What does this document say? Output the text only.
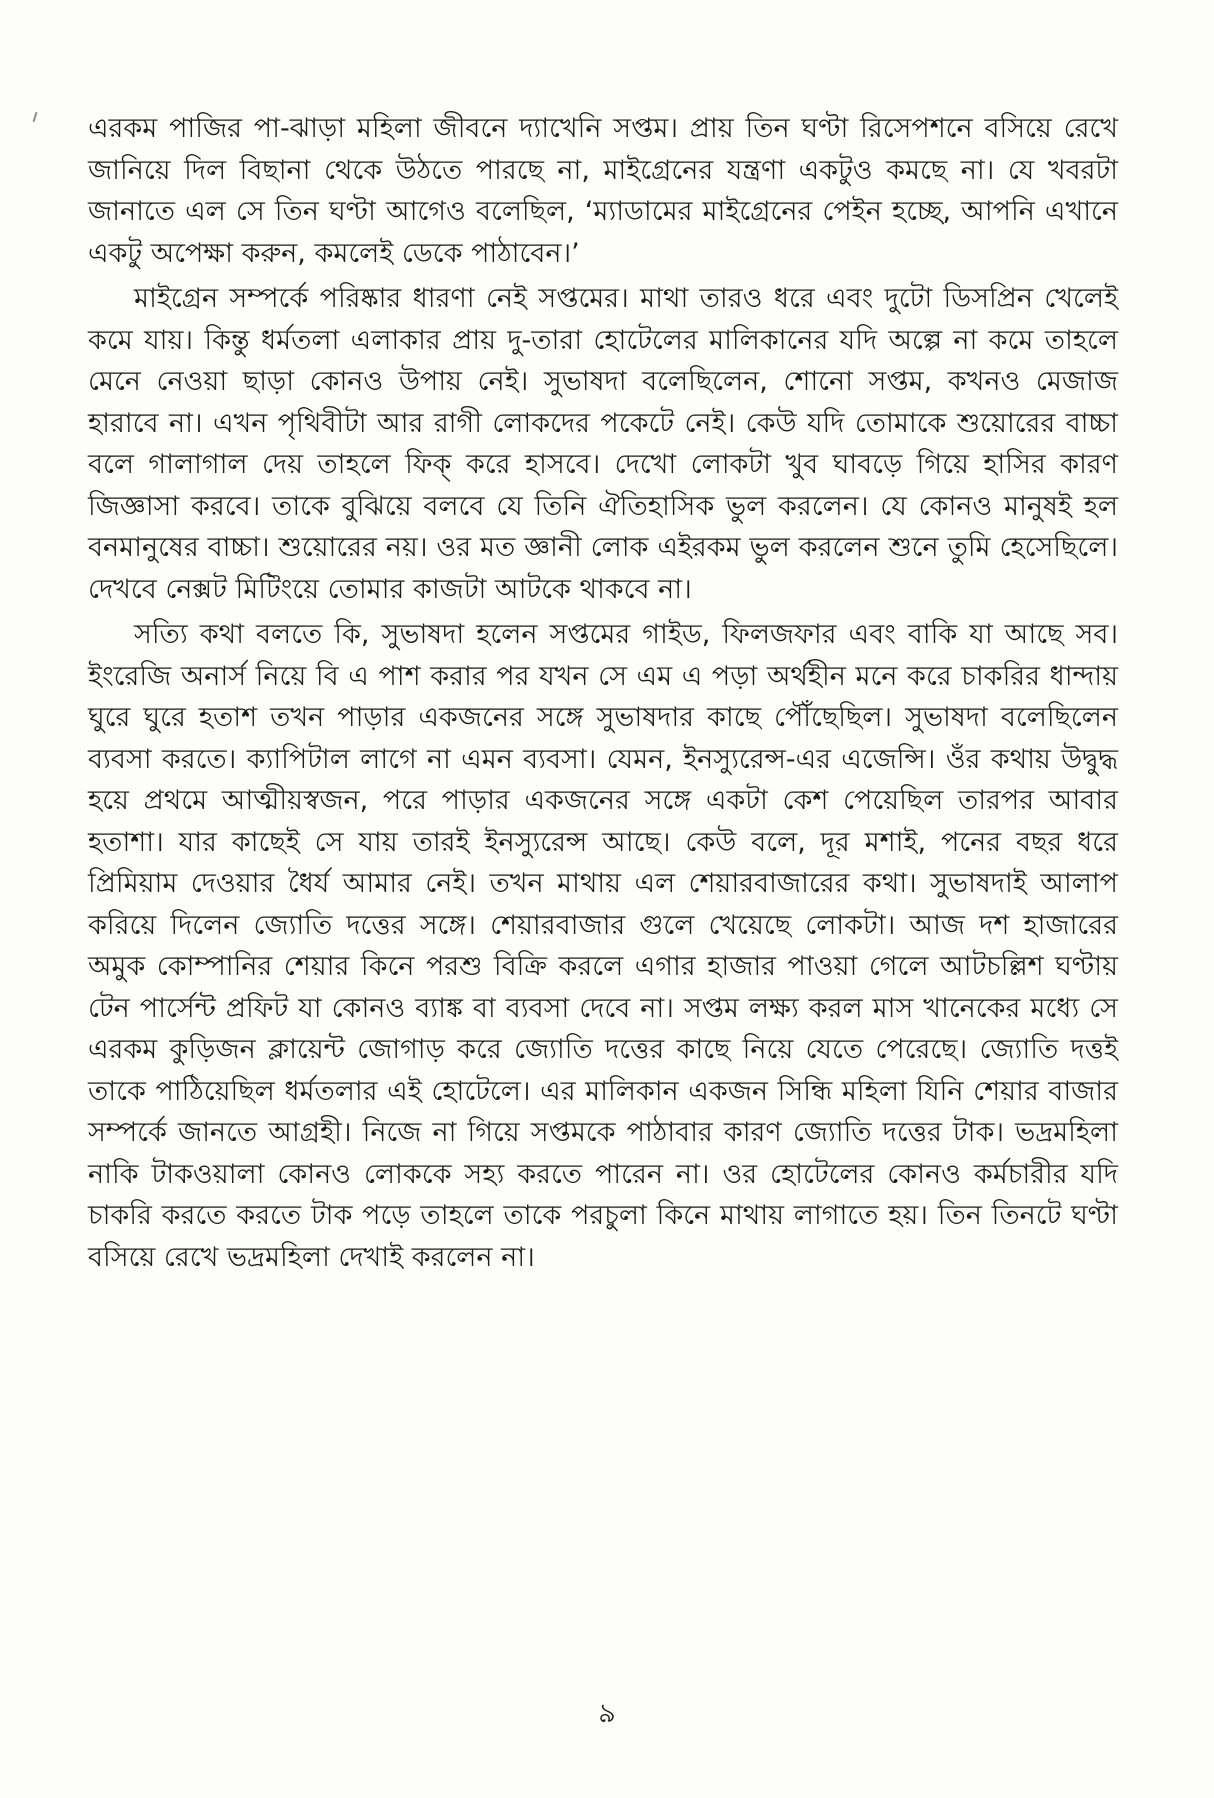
এরকম পাজির পা-ঝাড়া মহিলা জীবনে দ্যাখেনি সপ্তম। প্রায় তিন ঘণ্টা রিসেপশনে বসিয়ে রেখে জানিয়ে দিল বিছানা থেকে উঠতে পারছে না, মাইগ্রেনের যন্ত্রণা একটুও কমছে না। যে খবরটা জানাতে এল সে তিন ঘণ্টা আগেও বলেছিল, ‘ম্যাডামের মাইগ্রেনের পেইন হচ্ছে, আপনি এখানে একটু অপেক্ষা করুন, কমলেই ডেকে পাঠাবেন।’

মাইগ্রেন সম্পর্কে পরিষ্কার ধারণা নেই সপ্তমের। মাথা তারও ধরে এবং দুটো ডিসপ্রিন খেলেই কমে যায়। কিন্তু ধর্মতলা এলাকার প্রায় দু-তারা হোটেলের মালিকানের যদি অল্পে না কমে তাহলে মেনে নেওয়া ছাড়া কোনও উপায় নেই। সুভাষদা বলেছিলেন, শোনো সপ্তম, কখনও মেজাজ হারাবে না। এখন পৃথিবীটা আর রাগী লোকদের পকেটে নেই। কেউ যদি তোমাকে শুয়োরের বাচ্চা বলে গালাগাল দেয় তাহলে ফিক্ করে হাসবে। দেখো লোকটা খুব ঘাবড়ে গিয়ে হাসির কারণ জিজ্ঞাসা করবে। তাকে বুঝিয়ে বলবে যে তিনি ঐতিহাসিক ভুল করলেন। যে কোনও মানুষই হল বনমানুষের বাচ্চা। শুয়োরের নয়। ওর মত জ্ঞানী লোক এইরকম ভুল করলেন শুনে তুমি হেসেছিলে। দেখবে নেক্সট মিটিংয়ে তোমার কাজটা আটকে থাকবে না।

সত্যি কথা বলতে কি, সুভাষদা হলেন সপ্তমের গাইড, ফিলজফার এবং বাকি যা আছে সব। ইংরেজি অনার্স নিয়ে বি এ পাশ করার পর যখন সে এম এ পড়া অর্থহীন মনে করে চাকরির ধান্দায় ঘুরে ঘুরে হতাশ তখন পাড়ার একজনের সঙ্গে সুভাষদার কাছে পৌঁছেছিল। সুভাষদা বলেছিলেন ব্যবসা করতে। ক্যাপিটাল লাগে না এমন ব্যবসা। যেমন, ইনস্যুরেন্স-এর এজেন্সি। ওঁর কথায় উদ্বুদ্ধ হয়ে প্রথমে আত্মীয়স্বজন, পরে পাড়ার একজনের সঙ্গে একটা কেশ পেয়েছিল তারপর আবার হতাশা। যার কাছেই সে যায় তারই ইনস্যুরেন্স আছে। কেউ বলে, দূর মশাই, পনের বছর ধরে প্রিমিয়াম দেওয়ার ধৈর্য আমার নেই। তখন মাথায় এল শেয়ারবাজারের কথা। সুভাষদাই আলাপ করিয়ে দিলেন জ্যোতি দত্তের সঙ্গে। শেয়ারবাজার গুলে খেয়েছে লোকটা। আজ দশ হাজারের অমুক কোম্পানির শেয়ার কিনে পরশু বিক্রি করলে এগার হাজার পাওয়া গেলে আটচল্লিশ ঘণ্টায় টেন পার্সেন্ট প্রফিট যা কোনও ব্যাঙ্ক বা ব্যবসা দেবে না। সপ্তম লক্ষ্য করল মাস খানেকের মধ্যে সে এরকম কুড়িজন ক্লায়েন্ট জোগাড় করে জ্যোতি দত্তের কাছে নিয়ে যেতে পেরেছে। জ্যোতি দত্তই তাকে পাঠিয়েছিল ধর্মতলার এই হোটেলে। এর মালিকান একজন সিন্ধি মহিলা যিনি শেয়ার বাজার সম্পর্কে জানতে আগ্রহী। নিজে না গিয়ে সপ্তমকে পাঠাবার কারণ জ্যোতি দত্তের টাক। ভদ্রমহিলা নাকি টাকওয়ালা কোনও লোককে সহ্য করতে পারেন না। ওর হোটেলের কোনও কর্মচারীর যদি চাকরি করতে করতে টাক পড়ে তাহলে তাকে পরচুলা কিনে মাথায় লাগাতে হয়। তিন তিনটে ঘণ্টা বসিয়ে রেখে ভদ্রমহিলা দেখাই করলেন না।

৯
